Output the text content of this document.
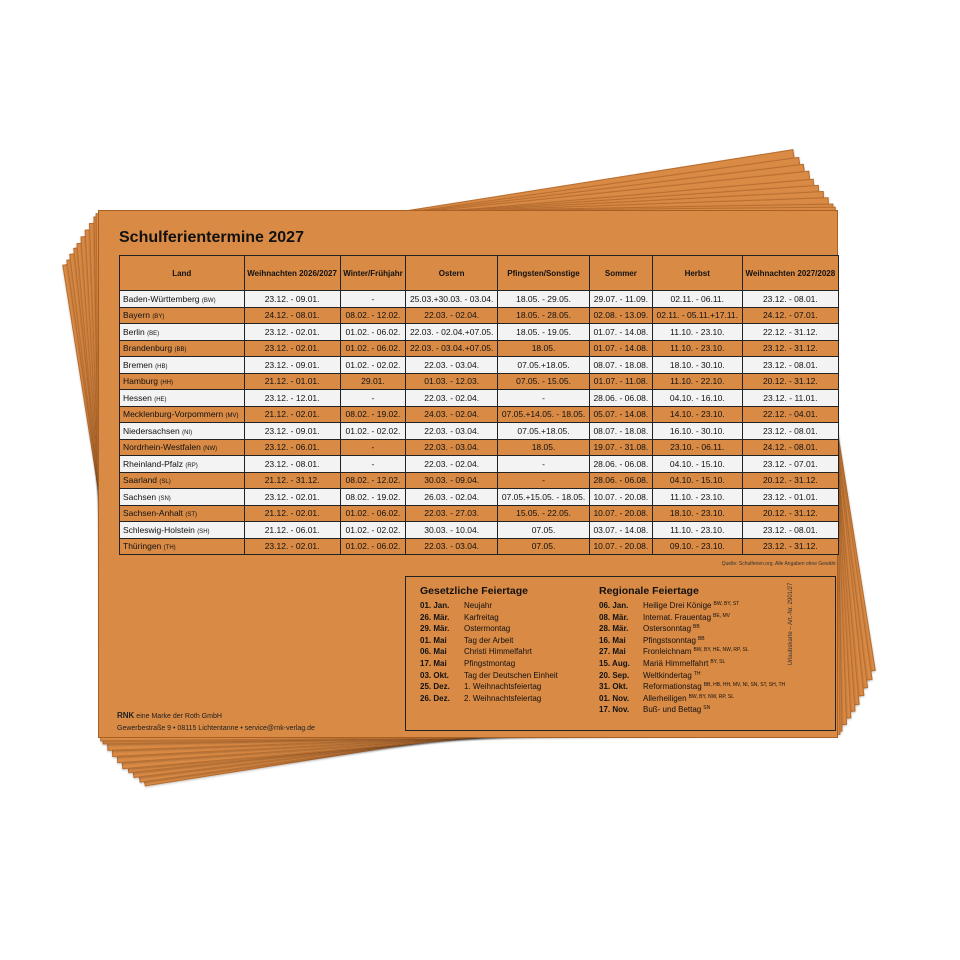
Schulferientermine 2027
Land	Weihnachten 2026/2027	Winter/Frühjahr	Ostern	Pfingsten/Sonstige	Sommer	Herbst	Weihnachten 2027/2028
Baden-Württemberg (BW)	23.12. - 09.01.	-	25.03.+30.03. - 03.04.	18.05. - 29.05.	29.07. - 11.09.	02.11. - 06.11.	23.12. - 08.01.
Bayern (BY)	24.12. - 08.01.	08.02. - 12.02.	22.03. - 02.04.	18.05. - 28.05.	02.08. - 13.09.	02.11. - 05.11.+17.11.	24.12. - 07.01.
Berlin (BE)	23.12. - 02.01.	01.02. - 06.02.	22.03. - 02.04.+07.05.	18.05. - 19.05.	01.07. - 14.08.	11.10. - 23.10.	22.12. - 31.12.
Brandenburg (BB)	23.12. - 02.01.	01.02. - 06.02.	22.03. - 03.04.+07.05.	18.05.	01.07. - 14.08.	11.10. - 23.10.	23.12. - 31.12.
Bremen (HB)	23.12. - 09.01.	01.02. - 02.02.	22.03. - 03.04.	07.05.+18.05.	08.07. - 18.08.	18.10. - 30.10.	23.12. - 08.01.
Hamburg (HH)	21.12. - 01.01.	29.01.	01.03. - 12.03.	07.05. - 15.05.	01.07. - 11.08.	11.10. - 22.10.	20.12. - 31.12.
Hessen (HE)	23.12. - 12.01.	-	22.03. - 02.04.	-	28.06. - 06.08.	04.10. - 16.10.	23.12. - 11.01.
Mecklenburg-Vorpommern (MV)	21.12. - 02.01.	08.02. - 19.02.	24.03. - 02.04.	07.05.+14.05. - 18.05.	05.07. - 14.08.	14.10. - 23.10.	22.12. - 04.01.
Niedersachsen (NI)	23.12. - 09.01.	01.02. - 02.02.	22.03. - 03.04.	07.05.+18.05.	08.07. - 18.08.	16.10. - 30.10.	23.12. - 08.01.
Nordrhein-Westfalen (NW)	23.12. - 06.01.	-	22.03. - 03.04.	18.05.	19.07. - 31.08.	23.10. - 06.11.	24.12. - 08.01.
Rheinland-Pfalz (RP)	23.12. - 08.01.	-	22.03. - 02.04.	-	28.06. - 06.08.	04.10. - 15.10.	23.12. - 07.01.
Saarland (SL)	21.12. - 31.12.	08.02. - 12.02.	30.03. - 09.04.	-	28.06. - 06.08.	04.10. - 15.10.	20.12. - 31.12.
Sachsen (SN)	23.12. - 02.01.	08.02. - 19.02.	26.03. - 02.04.	07.05.+15.05. - 18.05.	10.07. - 20.08.	11.10. - 23.10.	23.12. - 01.01.
Sachsen-Anhalt (ST)	21.12. - 02.01.	01.02. - 06.02.	22.03. - 27.03.	15.05. - 22.05.	10.07. - 20.08.	18.10. - 23.10.	20.12. - 31.12.
Schleswig-Holstein (SH)	21.12. - 06.01.	01.02. - 02.02.	30.03. - 10.04.	07.05.	03.07. - 14.08.	11.10. - 23.10.	23.12. - 08.01.
Thüringen (TH)	23.12. - 02.01.	01.02. - 06.02.	22.03. - 03.04.	07.05.	10.07. - 20.08.	09.10. - 23.10.	23.12. - 31.12.
Quelle: Schulferien.org. Alle Angaben ohne Gewähr.
Gesetzliche Feiertage
01. Jan.	Neujahr
26. Mär.	Karfreitag
29. Mär.	Ostermontag
01. Mai	Tag der Arbeit
06. Mai	Christi Himmelfahrt
17. Mai	Pfingstmontag
03. Okt.	Tag der Deutschen Einheit
25. Dez.	1. Weihnachtsfeiertag
26. Dez.	2. Weihnachtsfeiertag
Regionale Feiertage
06. Jan.	Heilige Drei Könige BW, BY, ST
08. Mär.	Internat. Frauentag BE, MV
28. Mär.	Ostersonntag BB
16. Mai	Pfingstsonntag BB
27. Mai	Fronleichnam BW, BY, HE, NW, RP, SL
15. Aug.	Mariä Himmelfahrt BY, SL
20. Sep.	Weltkindertag TH
31. Okt.	Reformationstag BB, HB, HH, MV, NI, SN, ST, SH, TH
01. Nov.	Allerheiligen BW, BY, NW, RP, SL
17. Nov.	Buß- und Bettag SN
RNK eine Marke der Roth GmbH
Gewerbestraße 9 • 08115 Lichtentanne • service@rnk-verlag.de
Urlaubskarte – Art.-Nr. 2901/27
